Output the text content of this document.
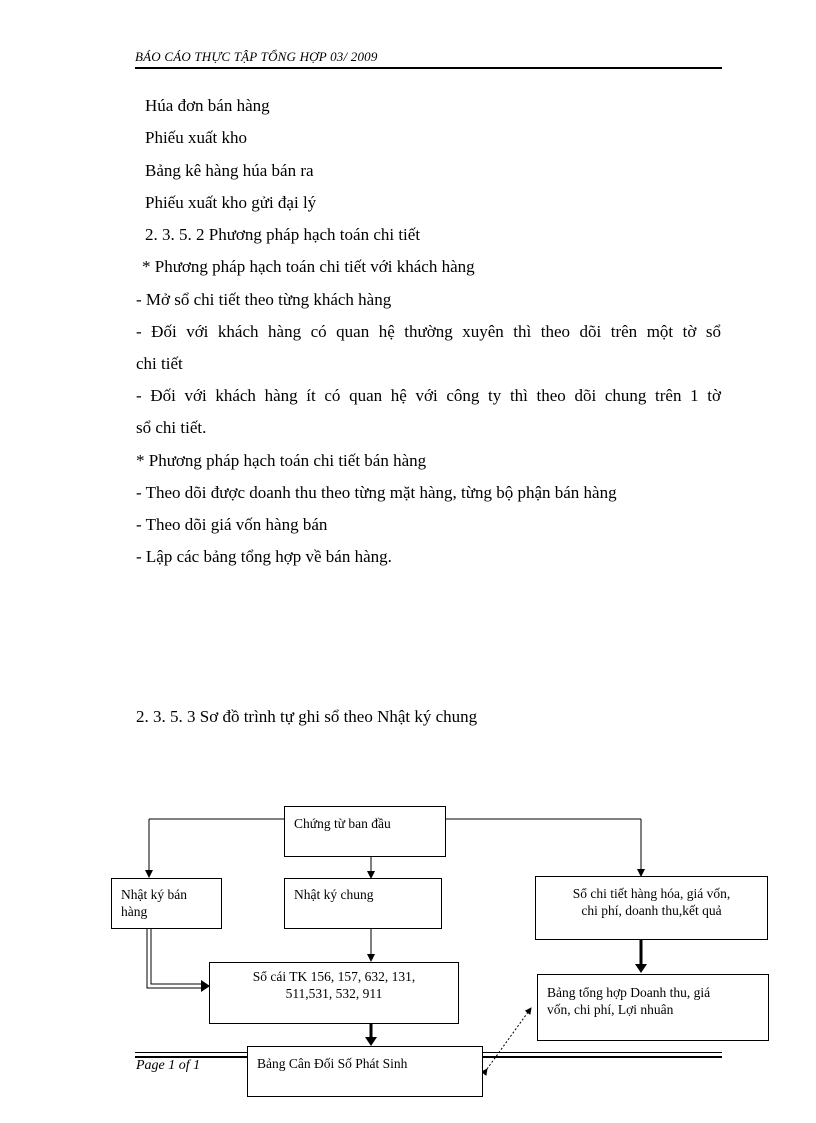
BÁO CÁO THỰC TẬP TỔNG HỢP 03/ 2009
Húa đơn bán hàng
Phiếu xuất kho
Bảng kê hàng húa bán ra
Phiếu xuất kho gửi đại lý
2. 3. 5. 2 Phương pháp hạch toán chi tiết
* Phương pháp hạch toán chi tiết với khách hàng
- Mở sổ chi tiết theo từng khách hàng
- Đối với khách hàng có quan hệ thường xuyên thì theo dõi trên một tờ sổ
chi tiết
- Đối với khách hàng ít có quan hệ với công ty thì theo dõi chung trên 1 tờ
sổ chi tiết.
* Phương pháp hạch toán chi tiết bán hàng
- Theo dõi được doanh thu theo từng mặt hàng, từng bộ phận bán hàng
- Theo dõi giá vốn hàng bán
- Lập các bảng tổng hợp về bán hàng.
2. 3. 5. 3 Sơ đồ trình tự ghi sổ theo Nhật ký chung
Chứng từ ban đầu
Nhật ký bán
hàng
Nhật ký chung	Sổ chi tiết hàng hóa, giá vốn,
chi phí, doanh thu,kết quả
Sổ cái TK 156, 157, 632, 131,
511,531, 532, 911	Bảng tổng hợp Doanh thu, giá
vốn, chi phí, Lợi nhuân
Page 1 of 1	Bảng Cân Đối Số Phát Sinh
